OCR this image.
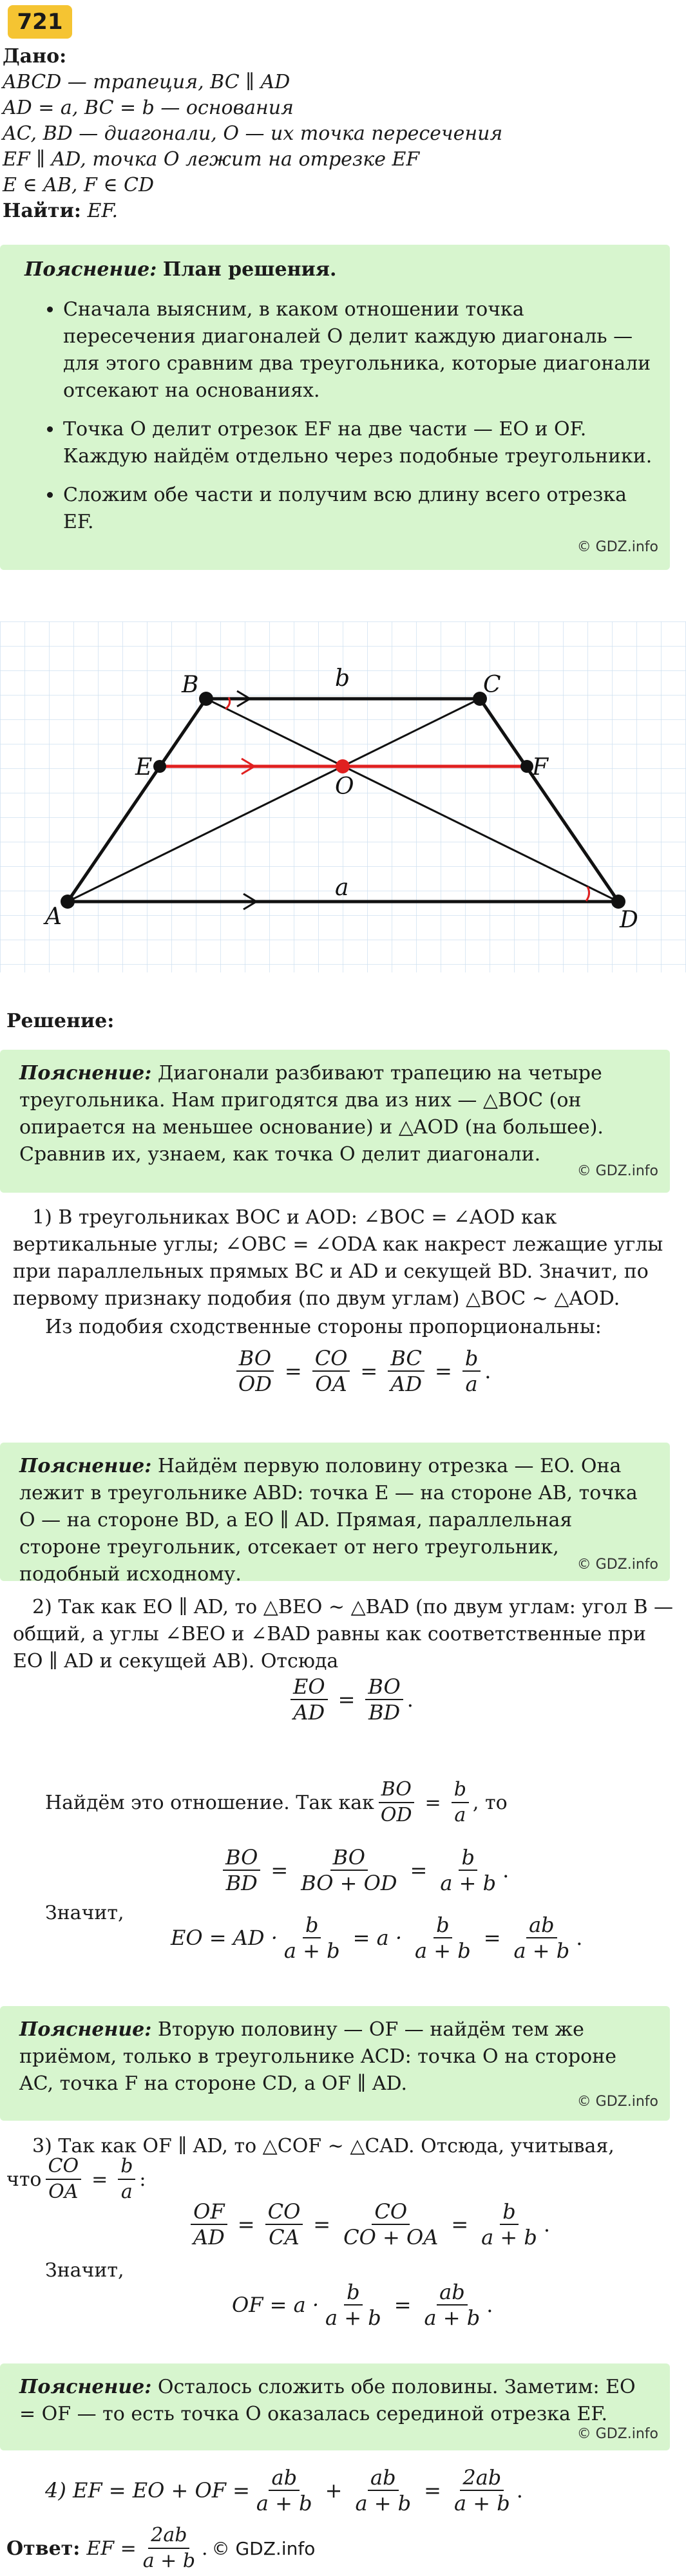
721
Дано:
ABCD — трапеция, BC ∥ AD
AD = a, BC = b — основания
AC, BD — диагонали, O — их точка пересечения
EF ∥ AD, точка O лежит на отрезке EF
E ∈ AB, F ∈ CD
Найти: EF.
Пояснение: План решения.
• Сначала выясним, в каком отношении точка пересечения диагоналей O делит каждую диагональ — для этого сравним два треугольника, которые диагонали отсекают на основаниях.
• Точка O делит отрезок EF на две части — EO и OF. Каждую найдём отдельно через подобные треугольники.
• Сложим обе части и получим всю длину всего отрезка EF.
© GDZ.info
B	C
E
O
F
A	D
b
a
Решение:
Пояснение: Диагонали разбивают трапецию на четыре треугольника. Нам пригодятся два из них — △BOC (он опирается на меньшее основание) и △AOD (на большее). Сравнив их, узнаем, как точка O делит диагонали.
© GDZ.info
1) В треугольниках BOC и AOD: ∠BOC = ∠AOD как вертикальные углы; ∠OBC = ∠ODA как накрест лежащие углы при параллельных прямых BC и AD и секущей BD. Значит, по первому признаку подобия (по двум углам) △BOC ∼ △AOD.
Из подобия сходственные стороны пропорциональны:
$\frac{BO}{OD} = \frac{CO}{OA} = \frac{BC}{AD} = \frac{b}{a}$ .
Пояснение: Найдём первую половину отрезка — EO. Она лежит в треугольнике ABD: точка E — на стороне AB, точка O — на стороне BD, а EO ∥ AD. Прямая, параллельная стороне треугольник, отсекает от него треугольник, подобный исходному.	© GDZ.info
2) Так как EO ∥ AD, то △BEO ∼ △BAD (по двум углам: угол B — общий, а углы ∠BEO и ∠BAD равны как соответственные при EO ∥ AD и секущей AB). Отсюда
$\frac{EO}{AD} = \frac{BO}{BD}$ .
Найдём это отношение. Так как $\frac{BO}{OD} = \frac{b}{a}$ , то
$\frac{BO}{BD} = \frac{BO}{BO + OD} = \frac{b}{a + b}$ .
Значит,
EO = AD · $\frac{b}{a + b} = a \cdot \frac{b}{a + b} = \frac{ab}{a + b}$ .
Пояснение: Вторую половину — OF — найдём тем же приёмом, только в треугольнике ACD: точка O на стороне AC, точка F на стороне CD, а OF ∥ AD.
© GDZ.info
3) Так как OF ∥ AD, то △COF ∼ △CAD. Отсюда, учитывая,
что $\frac{CO}{OA} = \frac{b}{a}$ :
$\frac{OF}{AD} = \frac{CO}{CA} = \frac{CO}{CO + OA} = \frac{b}{a + b}$ .
Значит,
OF = $a \cdot \frac{b}{a + b} = \frac{ab}{a + b}$ .
Пояснение: Осталось сложить обе половины. Заметим: EO = OF — то есть точка O оказалась серединой отрезка EF.
© GDZ.info
4) EF = EO + OF = $\frac{ab}{a + b} + \frac{ab}{a + b} = \frac{2ab}{a + b}$ .
Ответ: EF = $\frac{2ab}{a + b}$ . © GDZ.info
